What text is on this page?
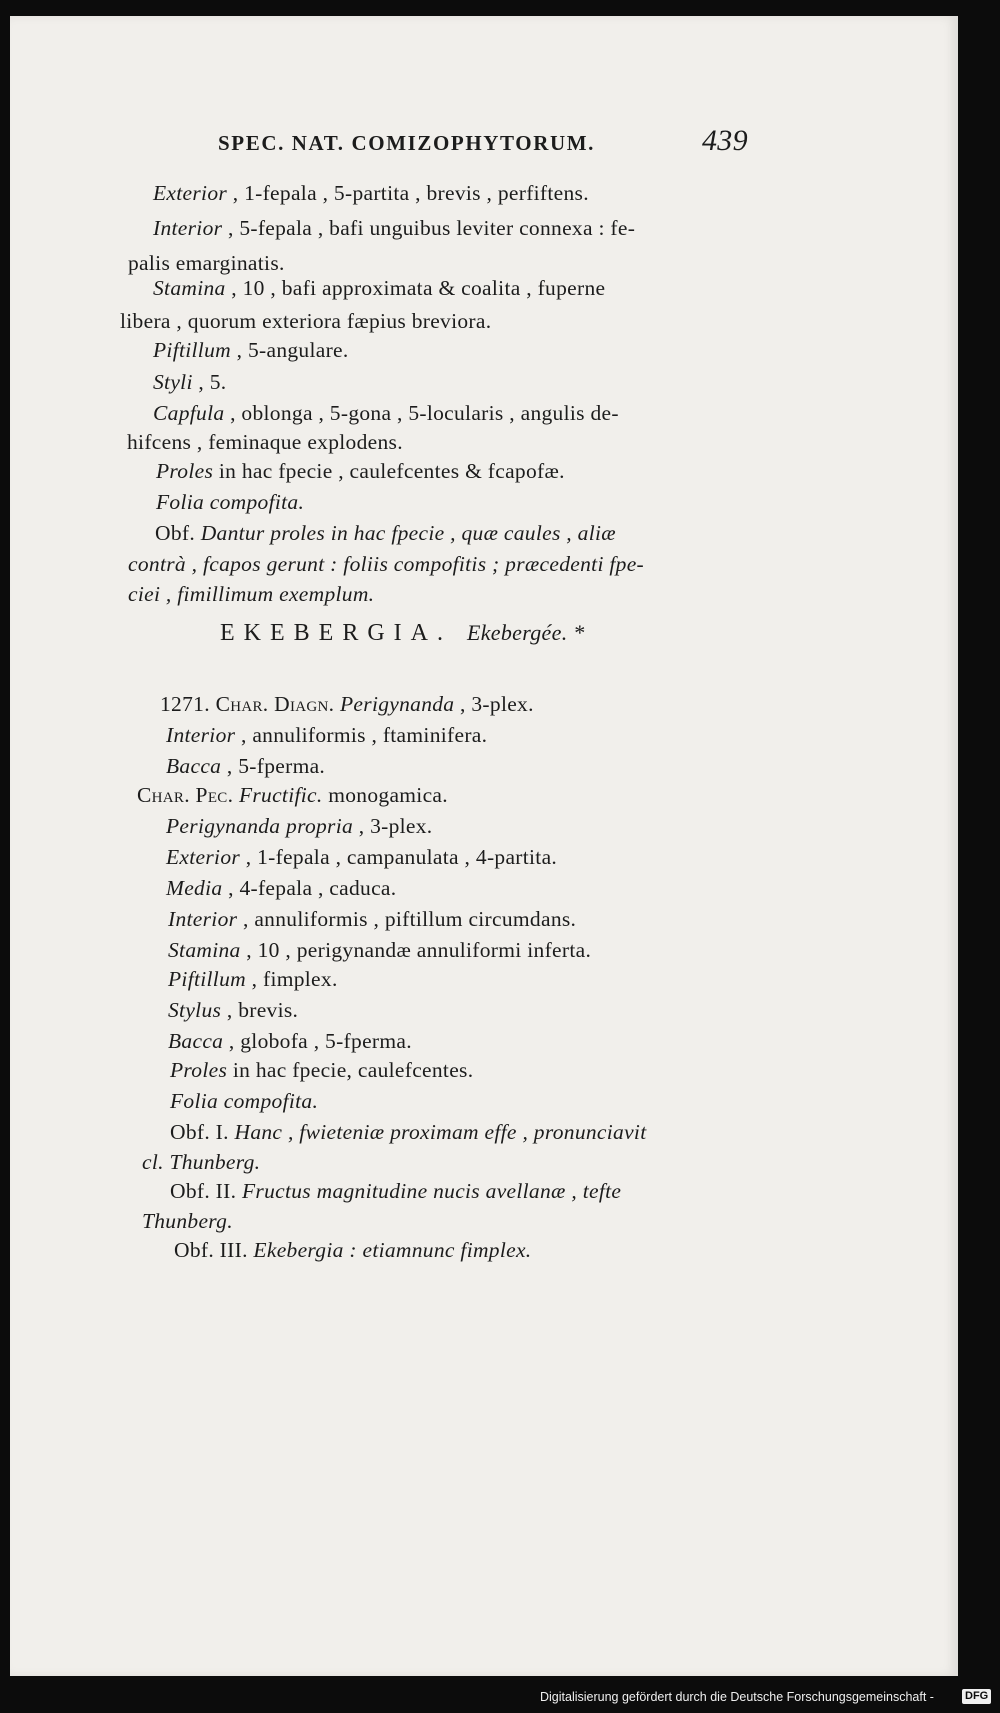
SPEC. NAT. COMIZOPHYTORUM.	439
Exterior , 1-fepala , 5-partita , brevis , perfiftens.
Interior , 5-fepala , bafi unguibus leviter connexa : fe-
palis emarginatis.
Stamina , 10 , bafi approximata & coalita , fuperne
libera , quorum exteriora fæpius breviora.
Piftillum , 5-angulare.
Styli , 5.
Capfula , oblonga , 5-gona , 5-locularis , angulis de-
hifcens , feminaque explodens.
Proles in hac fpecie , caulefcentes & fcapofæ.
Folia compofita.
Obf. Dantur proles in hac fpecie , quæ caules , aliæ
contrà , fcapos gerunt : foliis compofitis ; præcedenti fpe-
ciei , fimillimum exemplum.
EKEBERGIA. Ekebergée. *
1271. Char. Diagn. Perigynanda , 3-plex.
Interior , annuliformis , ftaminifera.
Bacca , 5-fperma.
Char. Pec. Fructific. monogamica.
Perigynanda propria , 3-plex.
Exterior , 1-fepala , campanulata , 4-partita.
Media , 4-fepala , caduca.
Interior , annuliformis , piftillum circumdans.
Stamina , 10 , perigynandæ annuliformi inferta.
Piftillum , fimplex.
Stylus , brevis.
Bacca , globofa , 5-fperma.
Proles in hac fpecie, caulefcentes.
Folia compofita.
Obf. I. Hanc , fwieteniæ proximam effe , pronunciavit
cl. Thunberg.
Obf. II. Fructus magnitudine nucis avellanæ , tefte
Thunberg.
Obf. III. Ekebergia : etiamnunc fimplex.
Digitalisierung gefördert durch die Deutsche Forschungsgemeinschaft -	DFG
